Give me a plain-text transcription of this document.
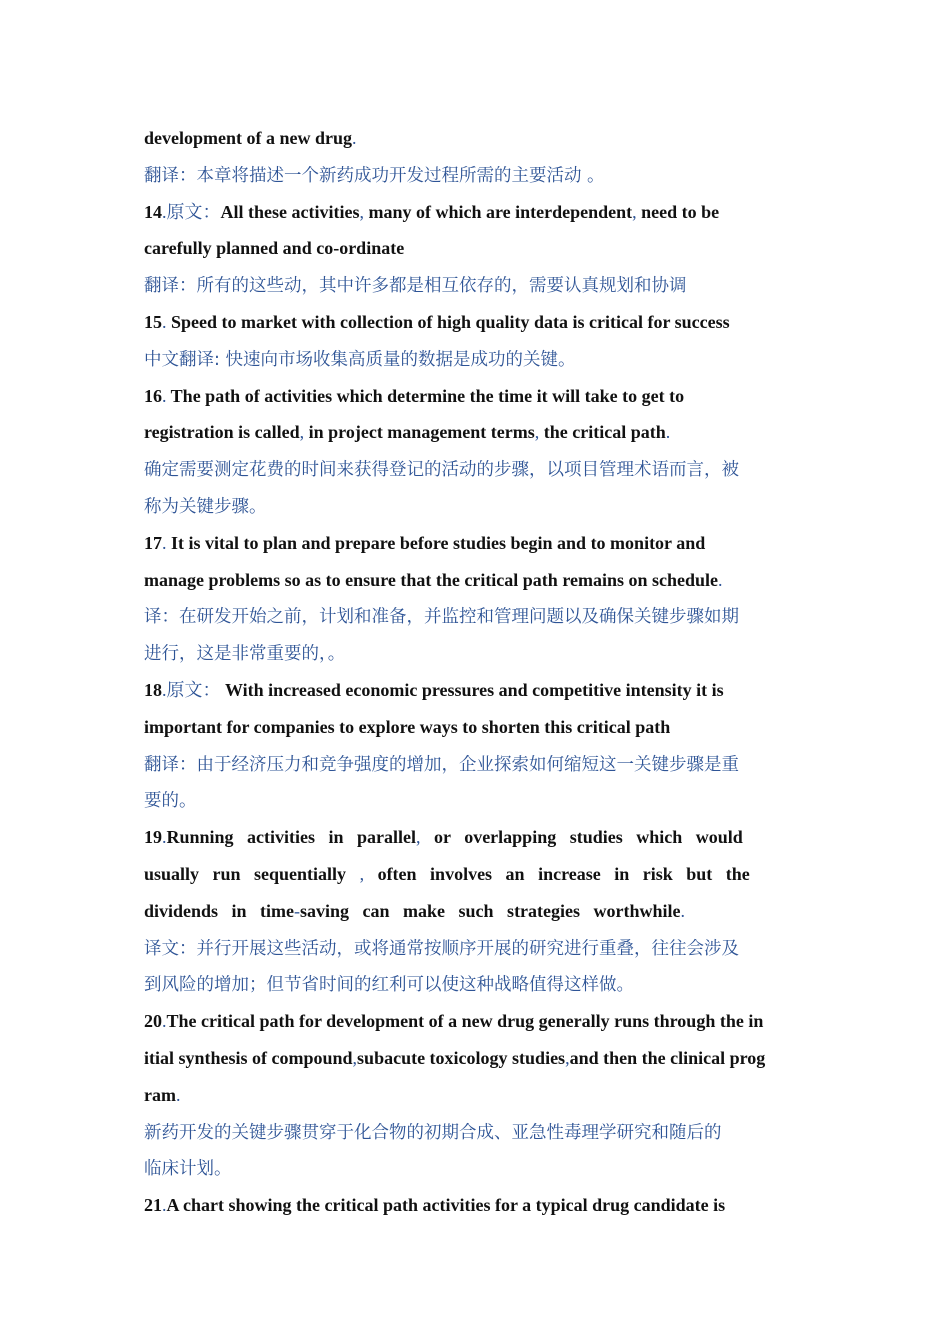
development of a new drug.
翻译：本章将描述一个新药成功开发过程所需的主要活动 。
14.原文：All these activities, many of which are interdependent, need to be
carefully planned and co-ordinate
翻译：所有的这些动，其中许多都是相互依存的，需要认真规划和协调
15. Speed to market with collection of high quality data is critical for success
中文翻译: 快速向市场收集高质量的数据是成功的关键。
16. The path of activities which determine the time it will take to get to
registration is called, in project management terms, the critical path.
确定需要测定花费的时间来获得登记的活动的步骤，以项目管理术语而言，被
称为关键步骤。
17. It is vital to plan and prepare before studies begin and to monitor and
manage problems so as to ensure that the critical path remains on schedule.
译：在研发开始之前，计划和准备，并监控和管理问题以及确保关键步骤如期
进行，这是非常重要的，。
18.原文： With increased economic pressures and competitive intensity it is
important for companies to explore ways to shorten this critical path
翻译：由于经济压力和竞争强度的增加，企业探索如何缩短这一关键步骤是重
要的。
19.Running activities in parallel, or overlapping studies which would
usually run sequentially , often involves an increase in risk but the
dividends in time-saving can make such strategies worthwhile.
译文：并行开展这些活动，或将通常按顺序开展的研究进行重叠，往往会涉及
到风险的增加；但节省时间的红利可以使这种战略值得这样做。
20.The critical path for development of a new drug generally runs through the in
itial synthesis of compound,subacute toxicology studies,and then the clinical prog
ram.
新药开发的关键步骤贯穿于化合物的初期合成、亚急性毒理学研究和随后的
临床计划。
21.A chart showing the critical path activities for a typical drug candidate is
